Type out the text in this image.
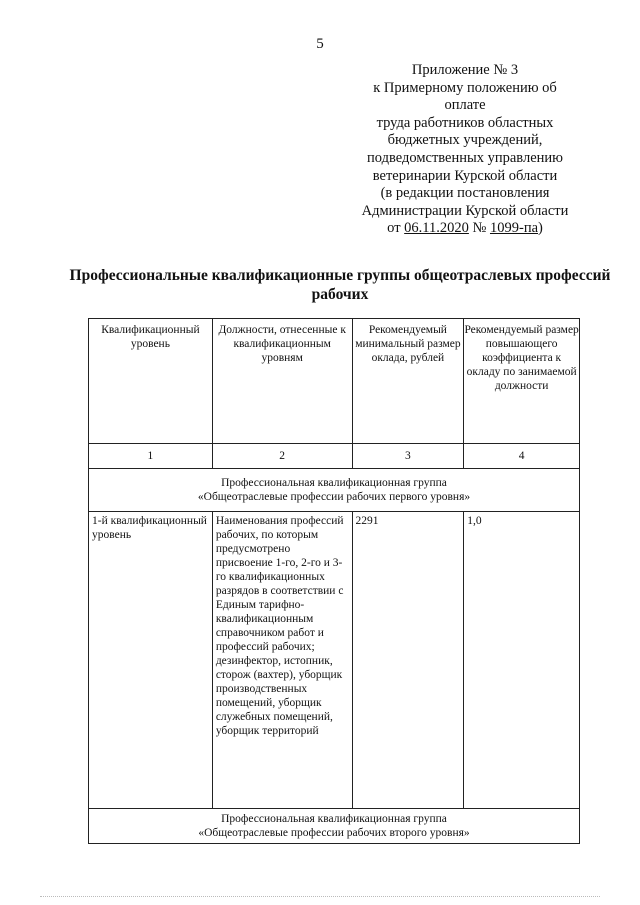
5
Приложение № 3
к Примерному положению об
оплате
труда работников областных
бюджетных учреждений,
подведомственных управлению
ветеринарии Курской области
(в редакции постановления
Администрации Курской области
от 06.11.2020 № 1099-па)
Профессиональные квалификационные группы общеотраслевых профессий рабочих
Квалификационный уровень	Должности, отнесенные к квалификационным уровням	Рекомендуемый минимальный размер оклада, рублей	Рекомендуемый размер повышающего коэффициента к окладу по занимаемой должности
1	2	3	4

Профессиональная квалификационная группа
«Общеотраслевые профессии рабочих первого уровня»			

1-й квалификационный уровень	Наименования профессий рабочих, по которым предусмотрено присвоение 1-го, 2-го и 3-го квалификационных разрядов в соответствии с Единым тарифно-квалификационным справочником работ и профессий рабочих; дезинфектор, истопник, сторож (вахтер), уборщик производственных помещений, уборщик служебных помещений, уборщик территорий	2291	1,0

Профессиональная квалификационная группа
«Общеотраслевые профессии рабочих второго уровня»			
